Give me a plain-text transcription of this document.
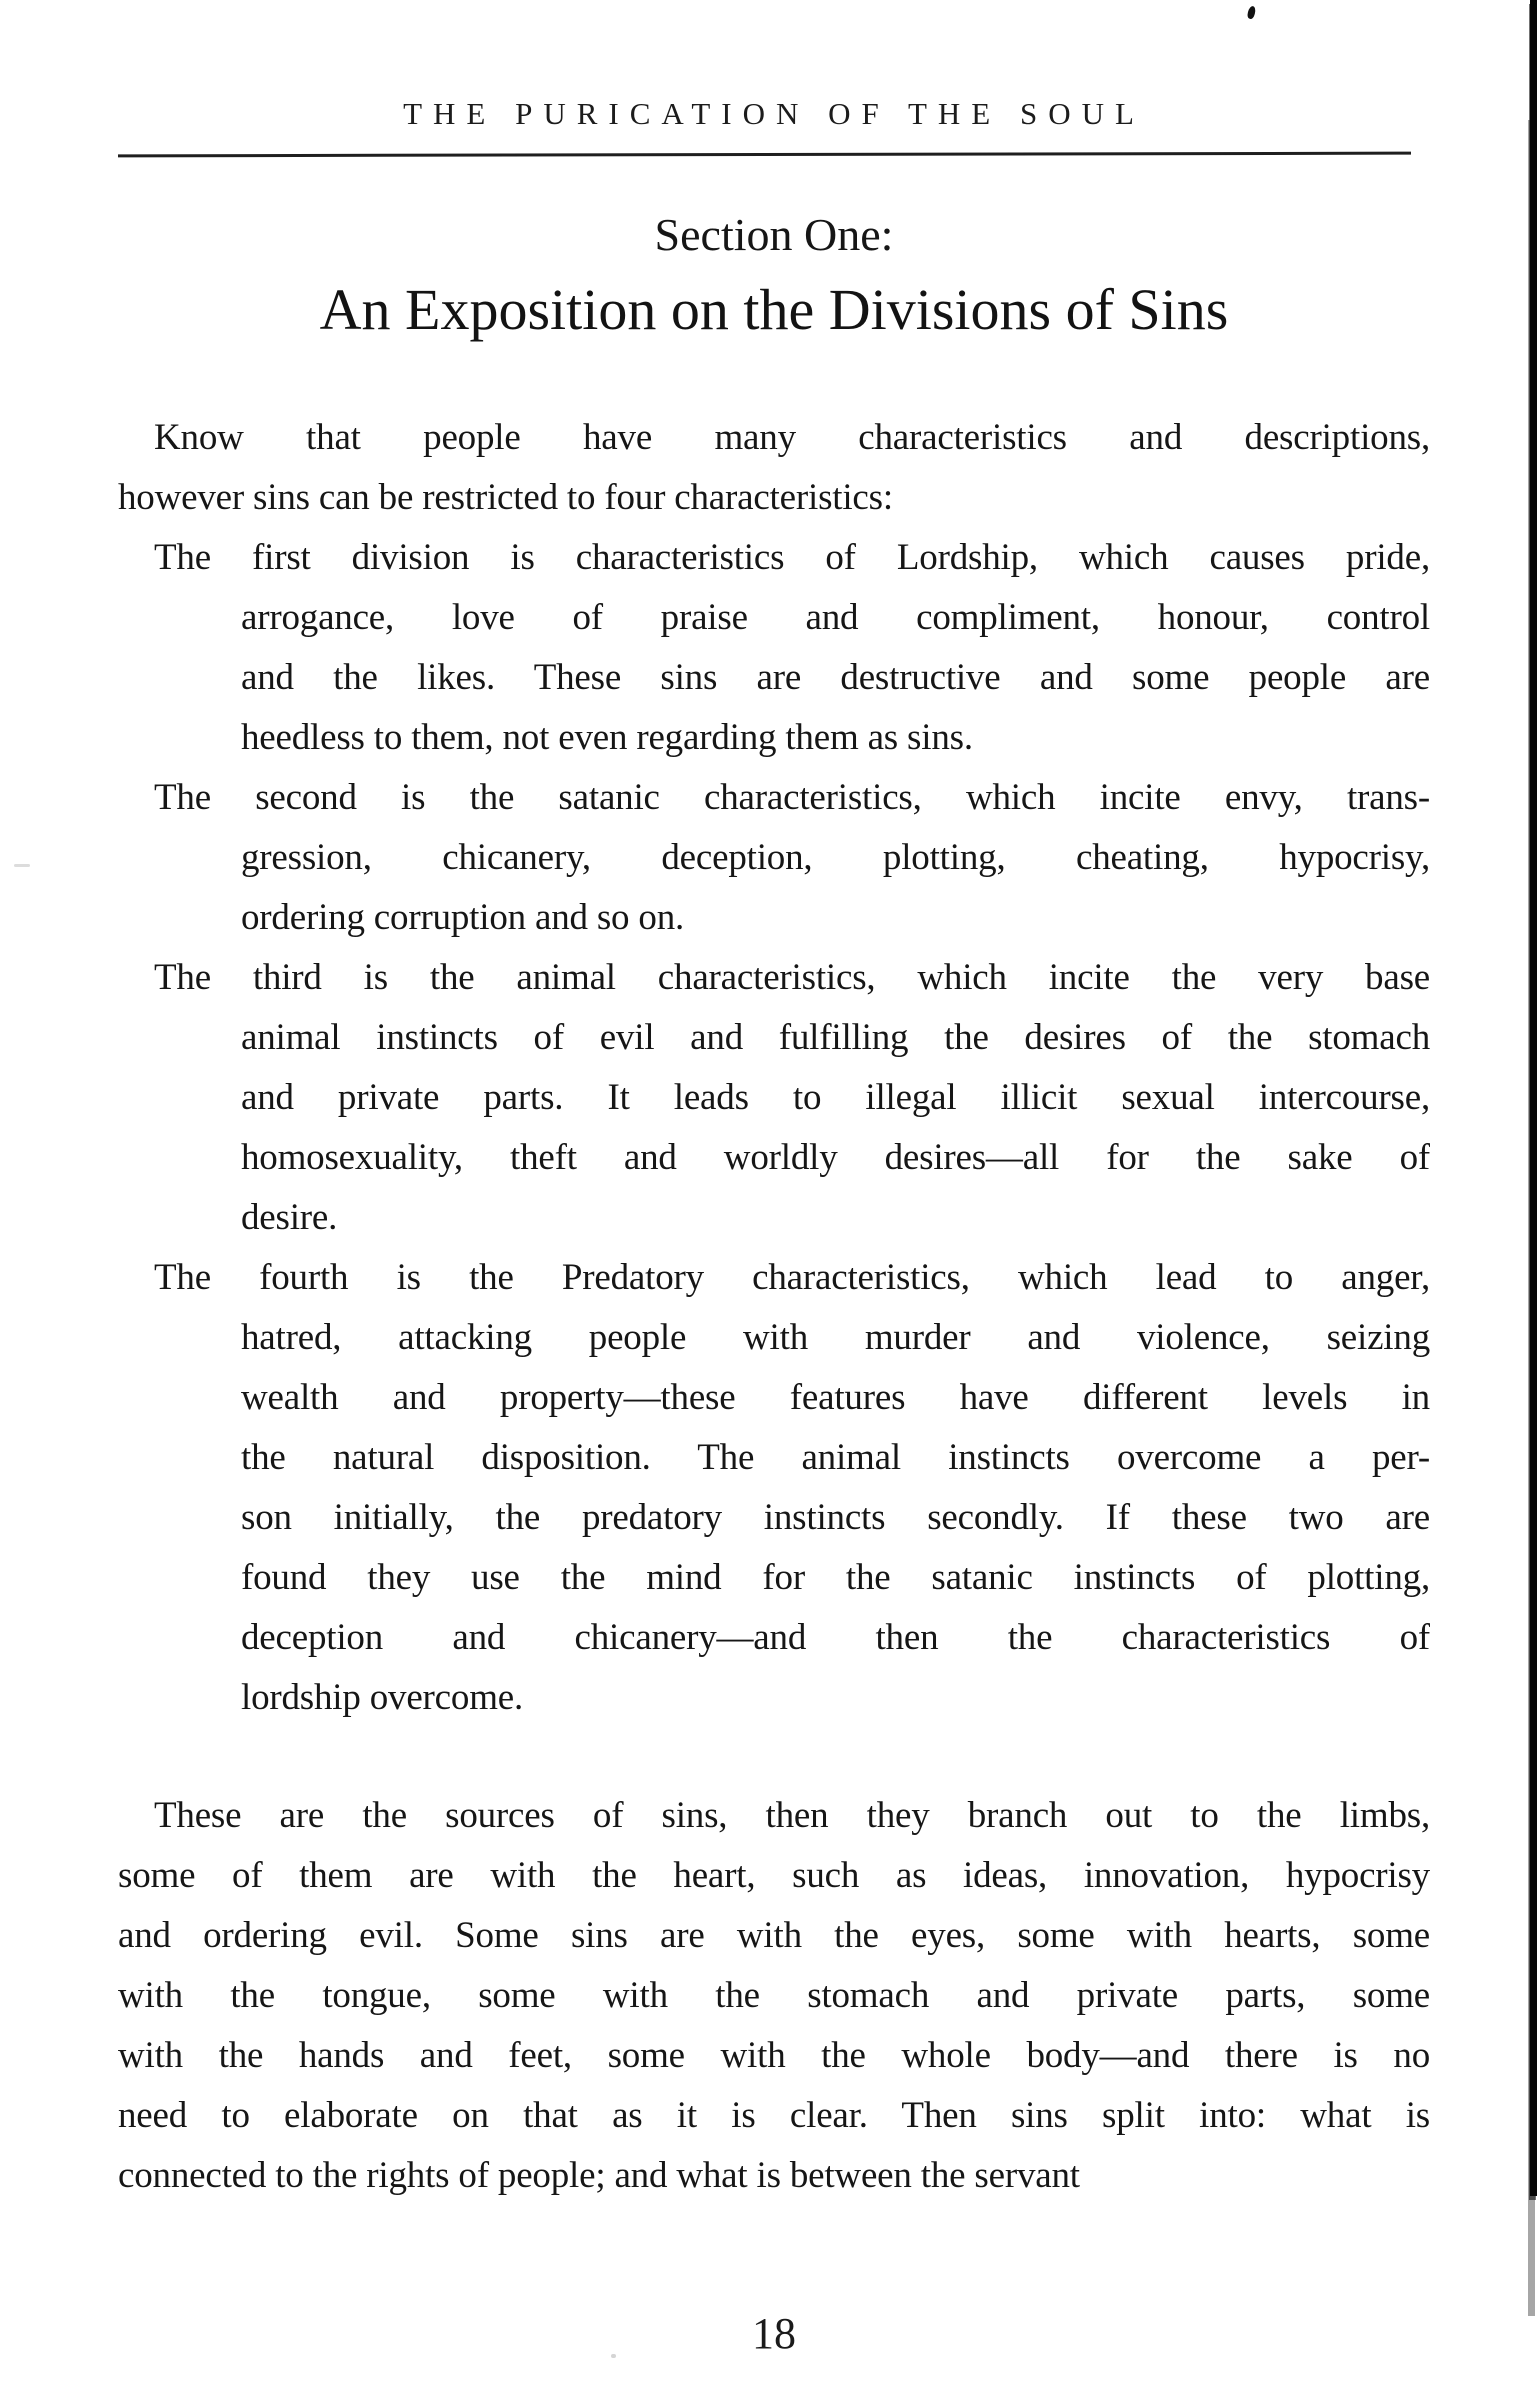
THE PURICATION OF THE SOUL
Section One:
An Exposition on the Divisions of Sins
Know that people have many characteristics and descriptions,
however sins can be restricted to four characteristics:
The first division is characteristics of Lordship, which causes pride,
arrogance, love of praise and compliment, honour, control
and the likes. These sins are destructive and some people are
heedless to them, not even regarding them as sins.
The second is the satanic characteristics, which incite envy, trans-
gression, chicanery, deception, plotting, cheating, hypocrisy,
ordering corruption and so on.
The third is the animal characteristics, which incite the very base
animal instincts of evil and fulfilling the desires of the stomach
and private parts. It leads to illegal illicit sexual intercourse,
homosexuality, theft and worldly desires—all for the sake of
desire.
The fourth is the Predatory characteristics, which lead to anger,
hatred, attacking people with murder and violence, seizing
wealth and property—these features have different levels in
the natural disposition. The animal instincts overcome a per-
son initially, the predatory instincts secondly. If these two are
found they use the mind for the satanic instincts of plotting,
deception and chicanery—and then the characteristics of
lordship overcome.
These are the sources of sins, then they branch out to the limbs,
some of them are with the heart, such as ideas, innovation, hypocrisy
and ordering evil. Some sins are with the eyes, some with hearts, some
with the tongue, some with the stomach and private parts, some
with the hands and feet, some with the whole body—and there is no
need to elaborate on that as it is clear. Then sins split into: what is
connected to the rights of people; and what is between the servant
18
